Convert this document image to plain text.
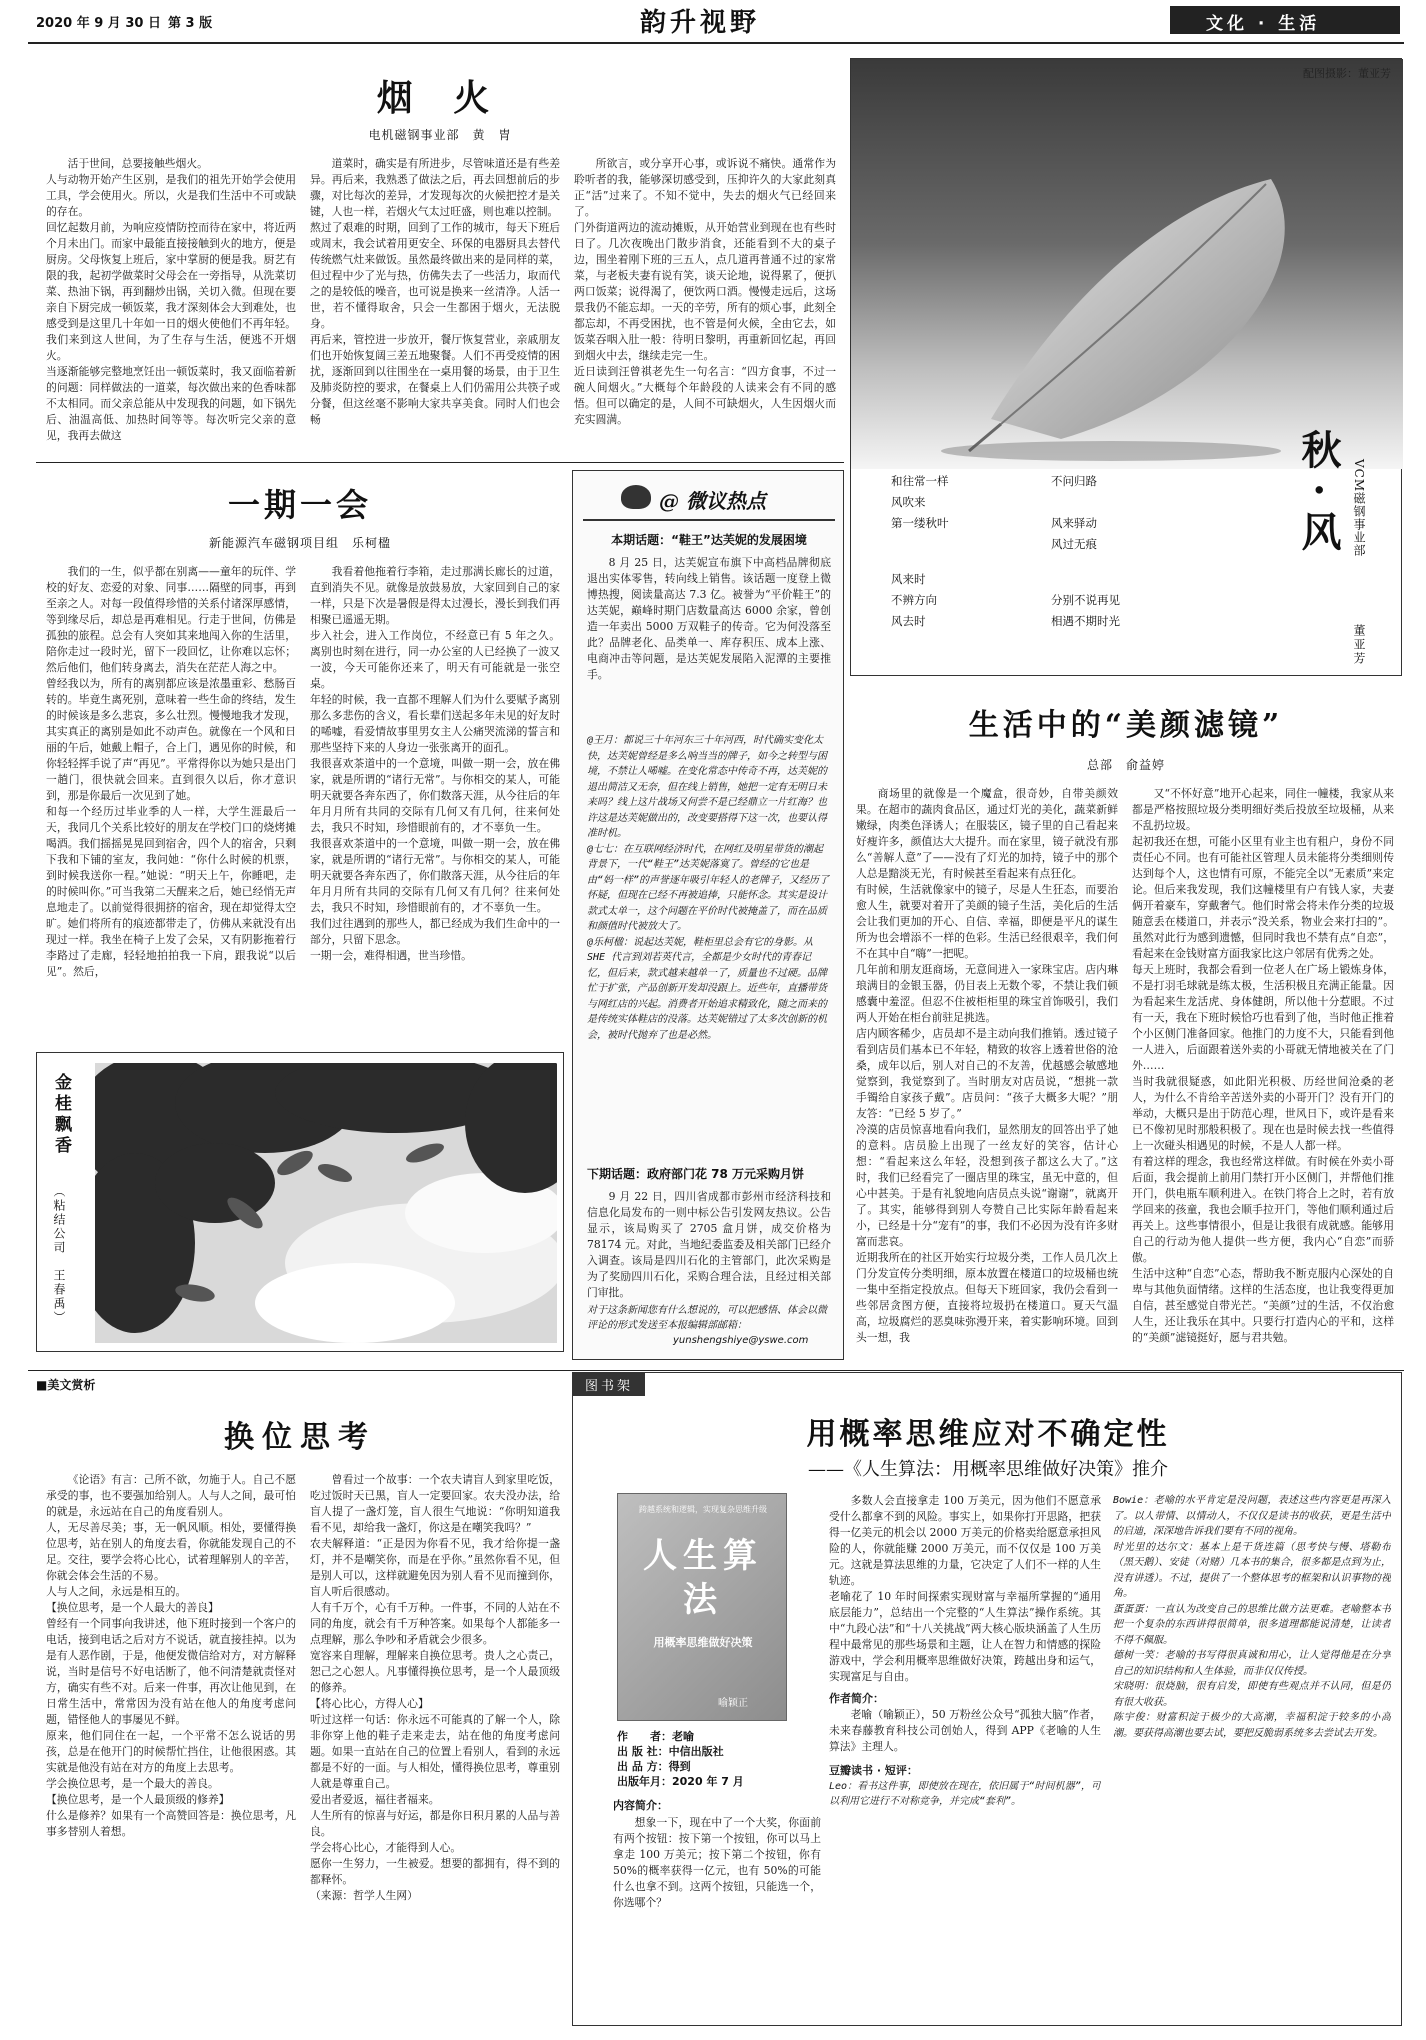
2020 年 9 月 30 日 第 3 版	韵升视野	文化 · 生活
烟 火
电机磁钢事业部　黄　胄
活于世间，总要接触些烟火。
人与动物开始产生区别，是我们的祖先开始学会使用工具，学会使用火。所以，火是我们生活中不可或缺的存在。
回忆起数月前，为响应疫情防控而待在家中，将近两个月未出门。而家中最能直接接触到火的地方，便是厨房。父母恢复上班后，家中掌厨的便是我。厨艺有限的我，起初学做菜时父母会在一旁指导，从洗菜切菜、热油下锅，再到翻炒出锅，关切入微。但现在要亲自下厨完成一顿饭菜，我才深刻体会大到难处，也感受到是这里几十年如一日的烟火使他们不再年轻。我们来到这人世间，为了生存与生活，便逃不开烟火。
当逐渐能够完整地烹饪出一顿饭菜时，我又面临着新的问题：同样做法的一道菜，每次做出来的色香味都不太相同。而父亲总能从中发现我的问题，如下锅先后、油温高低、加热时间等等。每次听完父亲的意见，我再去做这
道菜时，确实是有所进步，尽管味道还是有些差异。再后来，我熟悉了做法之后，再去回想前后的步骤，对比每次的差异，才发现每次的火候把控才是关键，人也一样，若烟火气太过旺盛，则也难以控制。
熬过了艰难的时期，回到了工作的城市，每天下班后或周末，我会试着用更安全、环保的电器厨具去替代传统燃气灶来做饭。虽然最终做出来的是同样的菜，但过程中少了光与热，仿佛失去了一些活力，取而代之的是较低的噪音，也可说是换来一丝清净。人活一世，若不懂得取舍，只会一生都困于烟火，无法脱身。
再后来，管控进一步放开，餐厅恢复营业，亲戚朋友们也开始恢复阔三差五地聚餐。人们不再受疫情的困扰，逐渐回到以往围坐在一桌用餐的场景，由于卫生及肺炎防控的要求，在餐桌上人们仍需用公共筷子或分餐，但这丝毫不影响大家共享美食。同时人们也会畅
所欲言，或分享开心事，或诉说不痛快。通常作为聆听者的我，能够深切感受到，压抑许久的大家此刻真正“活”过来了。不知不觉中，失去的烟火气已经回来了。
门外街道两边的流动摊贩，从开始营业到现在也有些时日了。几次夜晚出门散步消食，还能看到不大的桌子边，围坐着刚下班的三五人，点几道再普通不过的家常菜，与老板夫妻有说有笑，谈天论地，说得累了，便扒两口饭菜；说得渴了，便饮两口酒。慢慢走远后，这场景我仍不能忘却。一天的辛劳，所有的烦心事，此刻全都忘却，不再受困扰，也不管是何火候，全由它去，如饭菜吞咽入肚一般：待明日黎明，再重新回忆起，再回到烟火中去，继续走完一生。
近日读到汪曾祺老先生一句名言：“四方食事，不过一碗人间烟火。”大概每个年龄段的人读来会有不同的感悟。但可以确定的是，人间不可缺烟火，人生因烟火而充实圆满。
配图摄影：董亚芳
秋 · 风 VCM磁钢事业部
董亚芳
和往常一样	不问归路
风吹来
第一缕秋叶	风来驿动
风过无痕
风来时
不辨方向	分别不说再见
风去时	相遇不期时光
一期一会
新能源汽车磁钢项目组　乐柯楹
我们的一生，似乎都在别离——童年的玩伴、学校的好友、恋爱的对象、同事……隔壁的同事，再到至亲之人。对每一段值得珍惜的关系付诸深厚感情，等到缘尽后，却总是再难相见。行走于世间，仿佛是孤独的旅程。总会有人突如其来地闯入你的生活里，陪你走过一段时光，留下一段回忆，让你难以忘怀；然后他们，他们转身离去，消失在茫茫人海之中。
曾经我以为，所有的离别都应该是浓墨重彩、愁肠百转的。毕竟生离死别，意味着一些生命的终结，发生的时候该是多么悲哀，多么壮烈。慢慢地我才发现，其实真正的离别是如此不动声色。就像在一个风和日丽的午后，她戴上帽子，合上门，遇见你的时候，和你轻轻挥手说了声“再见”。平常得你以为她只是出门一趟门，很快就会回来。直到很久以后，你才意识到，那是你最后一次见到了她。
和每一个经历过毕业季的人一样，大学生涯最后一天，我同几个关系比较好的朋友在学校门口的烧烤摊喝酒。我们摇摇晃晃回到宿舍，四个人的宿舍，只剩下我和下铺的室友，我问她：“你什么时候的机票，到时候我送你一程。”她说：“明天上午，你睡吧，走的时候叫你。”可当我第二天醒来之后，她已经悄无声息地走了。以前觉得很拥挤的宿舍，现在却觉得太空旷。她们将所有的痕迹都带走了，仿佛从来就没有出现过一样。我坐在椅子上发了会呆，又有阴影拖着行李路过了走廊，轻轻地拍拍我一下肩，跟我说“以后见”。然后，
我看着他拖着行李箱，走过那满长廊长的过道，直到消失不见。就像是放鼓易放，大家回到自己的家一样，只是下次是暑假是得太过漫长，漫长到我们再相聚已遥遥无期。
步入社会，进入工作岗位，不经意已有 5 年之久。离别也时刻在进行，同一办公室的人已经换了一波又一波，今天可能你还来了，明天有可能就是一张空桌。
年轻的时候，我一直都不理解人们为什么要赋予离别那么多悲伤的含义，看长辈们送起多年未见的好友时的唏嘘，看爱情故事里男女主人公痛哭流涕的誓言和那些坚持下来的人身边一张张离开的面孔。
我很喜欢茶道中的一个意境，叫做一期一会，放在佛家，就是所谓的“诸行无常”。与你相交的某人，可能明天就要各奔东西了，你们数落天涯，从今往后的年年月月所有共同的交际有几何又有几何，往来何处去，我只不时知，珍惜眼前有的，才不辜负一生。
我很喜欢茶道中的一个意境，叫做一期一会，放在佛家，就是所谓的“诸行无常”。与你相交的某人，可能明天就要各奔东西了，你们散落天涯，从今往后的年年月月所有共同的交际有几何又有几何？往来何处去，我只不时知，珍惜眼前有的，才不辜负一生。
我们过往遇到的那些人，都已经成为我们生命中的一部分，只留下思念。
一期一会，难得相遇，世当珍惜。
@ 微议热点
本期话题：“鞋王”达芙妮的发展困境
8 月 25 日，达芙妮宣布旗下中高档品牌彻底退出实体零售，转向线上销售。该话题一度登上微博热搜，阅读量高达 7.3 亿。被誉为“平价鞋王”的达芙妮，巅峰时期门店数量高达 6000 余家，曾创造一年卖出 5000 万双鞋子的传奇。它为何没落至此？品牌老化、品类单一、库存积压、成本上涨、电商冲击等问题，是达芙妮发展陷入泥潭的主要推手。
@王月：都说三十年河东三十年河西，时代确实变化太快，达芙妮曾经是多么响当当的牌子，如今之转型与困境，不禁让人唏嘘。在变化常态中传奇不再，达芙妮的退出简洁又无奈，但在线上销售，她把一定有无明日未来吗？线上这片战场又何尝不是已经鼎立一片红海？也许这是达芙妮做出的，改变要搭得下这一次，也要认得准时机。
@七七：在互联网经济时代，在网红及明星带货的潮起背景下，一代“鞋王”达芙妮落寞了。曾经的它也是由“妈一样”的声誉逐年吸引年轻人的老牌子，又经历了怀疑，但现在已经不再被追捧，只能怀念。其实是设计款式太单一，这个问题在平价时代被掩盖了，而在品质和颜值时代被放大了。
@乐柯楹：说起达芙妮，鞋柜里总会有它的身影。从 SHE 代言到刘若英代言，全都是少女时代的青春记忆，但后来，款式越来越单一了，质量也不过硬。品牌忙于扩张，产品创新开发却没跟上。近些年，直播带货与网红店的兴起。消费者开始追求精致化，随之而来的是传统实体鞋店的没落。达芙妮错过了太多次创新的机会，被时代抛弃了也是必然。
下期话题：政府部门花 78 万元采购月饼
9 月 22 日，四川省成都市彭州市经济科技和信息化局发布的一则中标公告引发网友热议。公告显示，该局购买了 2705 盒月饼，成交价格为 78174 元。对此，当地纪委监委及相关部门已经介入调查。该局是四川石化的主管部门，此次采购是为了奖励四川石化，采购合理合法，且经过相关部门审批。
对于这条新闻您有什么想说的，可以把感悟、体会以微评论的形式发送至本报编辑部邮箱：
yunshengshiye@yswe.com
生活中的“美颜滤镜”
总部　俞益婷
商场里的就像是一个魔盒，很奇妙，自带美颜效果。在超市的蔬肉食品区，通过灯光的美化，蔬菜新鲜嫩绿，肉类色泽诱人；在服装区，镜子里的自己看起来好瘦许多，颜值达大大提升。而在家里，镜子就没有那么“善解人意”了——没有了灯光的加持，镜子中的那个人总是黯淡无光，有时候甚至看起来有点狂化。
有时候，生活就像家中的镜子，尽是人生狂态，而要治愈人生，就要对着开了美颜的镜子生活，美化后的生活会让我们更加的开心、自信、幸福，即便是平凡的谋生所为也会增添不一样的色彩。生活已经很艰辛，我们何不在其中自“嗨”一把呢。
几年前和朋友逛商场，无意间进入一家珠宝店。店内琳琅满目的金银玉器，仍目表上无数个零，不禁让我们顿感囊中羞涩。但忍不住被柜柜里的珠宝首饰吸引，我们两人开始在柜台前驻足挑选。
店内顾客稀少，店员却不是主动向我们推销。透过镜子看到店员们基本已不年轻，精致的妆容上透着世俗的沧桑，成年以后，别人对自己的不友善，优越感会敏感地觉察到，我觉察到了。当时朋友对店员说，“想挑一款手镯给自家孩子戴”。店员问：“孩子大概多大呢？”朋友答：“已经 5 岁了。”
冷漠的店员惊喜地看向我们，显然朋友的回答出乎了她的意料。店员脸上出现了一丝友好的笑容，估计心想：“看起来这么年轻，没想到孩子都这么大了。”这时，我们已经看完了一圈店里的珠宝，虽无中意的，但心中甚美。于是有礼貌地向店员点头说“谢谢”，就离开了。其实，能够得到别人夸赞自己比实际年龄看起来小，已经是十分“宠有”的事，我们不必因为没有许多财富而悲哀。
近期我所在的社区开始实行垃圾分类，工作人员几次上门分发宣传分类明细，原本放置在楼道口的垃圾桶也统一集中至指定投放点。但每天下班回家，我仍会看到一些邻居贪图方便，直接将垃圾扔在楼道口。夏天气温高，垃圾腐烂的恶臭味弥漫开来，着实影响环境。回到头一想，我
又“不怀好意”地开心起来，同住一幢楼，我家从来都是严格按照垃圾分类明细好类后投放至垃圾桶，从来不乱扔垃圾。
起初我还在想，可能小区里有业主也有租户，身份不同责任心不同。也有可能社区管理人员未能将分类细则传达到每个人，这也情有可原，不能完全以“无素质”来定论。但后来我发现，我们这幢楼里有户有钱人家，夫妻俩开着豪车，穿戴奢气。他们时常会将未作分类的垃圾随意丢在楼道口，并表示“没关系，物业会来打扫的”。虽然对此行为感到遗憾，但同时我也不禁有点“自恋”，看起来在金钱财富方面我家比这户邻居有优秀之处。
每天上班时，我都会看到一位老人在广场上锻炼身体，不是打羽毛球就是练太极，生活积极且充满正能量。因为看起来生龙活虎、身体健朗，所以他十分惹眼。不过有一天，我在下班时候恰巧也看到了他，当时他正推着个小区侧门准备回家。他推门的力度不大，只能看到他一人进入，后面跟着送外卖的小哥就无情地被关在了门外……
当时我就很疑惑，如此阳光积极、历经世间沧桑的老人，为什么不肯给辛苦送外卖的小哥开门？没有开门的举动，大概只是出于防范心理，世风日下，或许是看来已不像初见时那般积极了。现在也是时候去找一些值得上一次碰头相遇见的时候，不是人人都一样。
有着这样的理念，我也经常这样做。有时候在外卖小哥后面，我会提前上前用门禁打开小区侧门，并帮他们推开门，供电瓶车顺利进入。在铁门将合上之时，若有放学回来的孩童，我也会顺手拉开门，等他们顺利通过后再关上。这些事情很小，但是让我很有成就感。能够用自己的行动为他人提供一些方便，我内心“自恋”而骄傲。
生活中这种“自恋”心态，帮助我不断克服内心深处的自卑与其他负面情绪。这样的生活态度，也让我变得更加自信，甚至感觉自带光芒。“美颜”过的生活，不仅治愈人生，还让我乐在其中。只要行打造内心的平和，这样的“美颜”滤镜挺好，愿与君共勉。
金桂飘香
（粘结公司　王春禹）
■美文赏析
换位思考

《论语》有言：己所不欲，勿施于人。自己不愿承受的事，也不要强加给别人。人与人之间，最可怕的就是，永远站在自己的角度看别人。
人，无尽善尽美；事，无一帆风顺。相处，要懂得换位思考，站在别人的角度去看，你就能发现自己的不足。交往，要学会将心比心，试着理解别人的辛苦，你就会体会生活的不易。
人与人之间，永远是相互的。
【换位思考，是一个人最大的善良】
曾经有一个同事向我讲述，他下班时接到一个客户的电话，接到电话之后对方不说话，就直接挂掉。以为是有人恶作剧，于是，他便发微信给对方，对方解释说，当时是信号不好电话断了，他不问清楚就责怪对方，确实有些不对。后来一件事，再次让他见到，在日常生活中，常常因为没有站在他人的角度考虑问题，错怪他人的事屡见不鲜。
原来，他们同住在一起，一个平常不怎么说话的男孩，总是在他开门的时候帮忙挡住，让他很困惑。其实就是他没有站在对方的角度上去思考。
学会换位思考，是一个最大的善良。
【换位思考，是一个人最顶级的修养】
什么是修养？如果有一个高赞回答是：换位思考，凡事多替别人着想。

曾看过一个故事：一个农夫请盲人到家里吃饭，吃过饭时天已黑，盲人一定要回家。农夫没办法，给盲人提了一盏灯笼，盲人很生气地说：“你明知道我看不见，却给我一盏灯，你这是在嘲笑我吗？”
农夫解释道：“正是因为你看不见，我才给你提一盏灯，并不是嘲笑你，而是在乎你。”虽然你看不见，但是别人可以，这样就避免因为别人看不见而撞到你，盲人听后很感动。
人有千万个，心有千万种。一件事，不同的人站在不同的角度，就会有千万种答案。如果每个人都能多一点理解，那么争吵和矛盾就会少很多。
宽容来自理解，理解来自换位思考。贵人之心责己，恕己之心恕人。凡事懂得换位思考，是一个人最顶级的修养。
【将心比心，方得人心】
听过这样一句话：你永远不可能真的了解一个人，除非你穿上他的鞋子走来走去，站在他的角度考虑问题。如果一直站在自己的位置上看别人，看到的永远都是不好的一面。与人相处，懂得换位思考，尊重别人就是尊重自己。
爱出者爱返，福往者福来。
人生所有的惊喜与好运，都是你日积月累的人品与善良。
学会将心比心，才能得到人心。
愿你一生努力，一生被爱。想要的都拥有，得不到的都释怀。
（来源：哲学人生网）

图书架
用概率思维应对不确定性
——《人生算法：用概率思维做好决策》推介
跨越系统和逻辑，实现复杂思维升级
人生算法
用概率思维做好决策
喻颖正
作　　者：老喻
出 版 社：中信出版社
出 品 方：得到
出版年月：2020 年 7 月
内容简介：
想象一下，现在中了一个大奖，你面前有两个按钮：按下第一个按钮，你可以马上拿走 100 万美元；按下第二个按钮，你有 50%的概率获得一亿元，也有 50%的可能什么也拿不到。这两个按钮，只能选一个，你选哪个？

多数人会直接拿走 100 万美元，因为他们不愿意承受什么都拿不到的风险。事实上，如果你打开思路，把获得一亿美元的机会以 2000 万美元的价格卖给愿意承担风险的人，你就能赚 2000 万美元，而不仅仅是 100 万美元。这就是算法思维的力量，它决定了人们不一样的人生轨迹。
老喻花了 10 年时间探索实现财富与幸福所掌握的“通用底层能力”，总结出一个完整的“人生算法”操作系统。其中“九段心法”和“十八关挑战”两大核心版块涵盖了人生历程中最常见的那些场景和主题，让人在智力和情感的探险游戏中，学会利用概率思维做好决策，跨越出身和运气，实现富足与自由。

作者简介：

老喻（喻颖正），50 万粉丝公众号“孤独大脑”作者，未来春藤教育科技公司创始人，得到 APP《老喻的人生算法》主理人。

豆瓣读书 · 短评：

Leo：看书这件事，即使放在现在，依旧属于“时间机器”，可以利用它进行不对称竞争，并完成“套利”。

Bowie：老喻的水平肯定是没问题，表述这些内容更是再深入了。以人带情、以情动人，不仅仅是读书的收获，更是生活中的启迪，深深地告诉我们要有不同的视角。
时光里的达尔文：基本上是干货连篇（思考快与慢、塔勒布（黑天鹅）、安徒（对赌）几本书的集合，很多都是点到为止，没有讲透）。不过，提供了一个整体思考的框架和认识事物的视角。
蛋蛋蛋：一直认为改变自己的思维比做方法更难。老喻整本书把一个复杂的东西讲得很简单，很多道理都能说清楚，让读者不得不佩服。
德树一笑：老喻的书写得很真诚和用心，让人觉得他是在分享自己的知识结构和人生体验，而非仅仅传授。
宋晓明：很烧脑，很有启发，即使有些观点并不认同，但是仍有很大收获。
陈宇俊：财富积淀于极少的大高潮，幸福积淀于较多的小高潮。要获得高潮也要去试，要把反脆弱系统多去尝试去开发。
